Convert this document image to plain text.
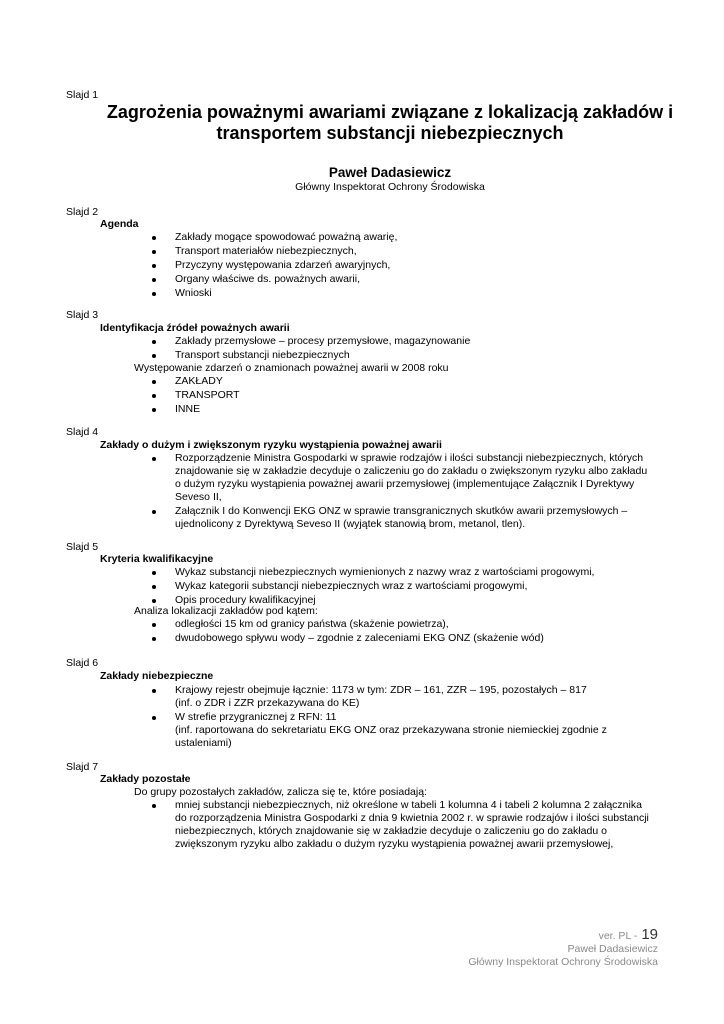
Slajd 1
Zagrożenia poważnymi awariami związane z lokalizacją zakładów i transportem substancji niebezpiecznych
Paweł Dadasiewicz
Główny Inspektorat Ochrony Środowiska
Slajd 2
Agenda
Zakłady mogące spowodować poważną awarię,
Transport materiałów niebezpiecznych,
Przyczyny występowania zdarzeń awaryjnych,
Organy właściwe ds. poważnych awarii,
Wnioski
Slajd 3
Identyfikacja źródeł poważnych awarii
Zakłady przemysłowe – procesy przemysłowe, magazynowanie
Transport substancji niebezpiecznych
Występowanie zdarzeń o znamionach poważnej awarii w 2008 roku
ZAKŁADY
TRANSPORT
INNE
Slajd 4
Zakłady o dużym i zwiększonym ryzyku wystąpienia poważnej awarii
Rozporządzenie Ministra Gospodarki w sprawie rodzajów i ilości substancji niebezpiecznych, których znajdowanie się w zakładzie decyduje o zaliczeniu go do zakładu o zwiększonym ryzyku albo zakładu o dużym ryzyku wystąpienia poważnej awarii przemysłowej (implementujące Załącznik I Dyrektywy Seveso II,
Załącznik I do Konwencji EKG ONZ w sprawie transgranicznych skutków awarii przemysłowych – ujednolicony z Dyrektywą Seveso II (wyjątek stanowią brom, metanol, tlen).
Slajd 5
Kryteria kwalifikacyjne
Wykaz substancji niebezpiecznych wymienionych z nazwy wraz z wartościami progowymi,
Wykaz kategorii substancji niebezpiecznych wraz z wartościami progowymi,
Opis procedury kwalifikacyjnej
Analiza lokalizacji zakładów pod kątem:
odległości 15 km od granicy państwa (skażenie powietrza),
dwudobowego spływu wody – zgodnie z zaleceniami EKG ONZ (skażenie wód)
Slajd 6
Zakłady niebezpieczne
Krajowy rejestr obejmuje łącznie: 1173 w tym: ZDR – 161, ZZR – 195, pozostałych – 817
(inf. o ZDR i ZZR przekazywana do KE)
W strefie przygranicznej z RFN: 11
(inf. raportowana do sekretariatu EKG ONZ oraz przekazywana stronie niemieckiej zgodnie z ustaleniami)
Slajd 7
Zakłady pozostałe
Do grupy pozostałych zakładów, zalicza się te, które posiadają:
mniej substancji niebezpiecznych, niż określone w tabeli 1 kolumna 4 i tabeli 2 kolumna 2 załącznika do rozporządzenia Ministra Gospodarki z dnia 9 kwietnia 2002 r. w sprawie rodzajów i ilości substancji niebezpiecznych, których znajdowanie się w zakładzie decyduje o zaliczeniu go do zakładu o zwiększonym ryzyku albo zakładu o dużym ryzyku wystąpienia poważnej awarii przemysłowej,
ver. PL - 19
Paweł Dadasiewicz
Główny Inspektorat Ochrony Środowiska
